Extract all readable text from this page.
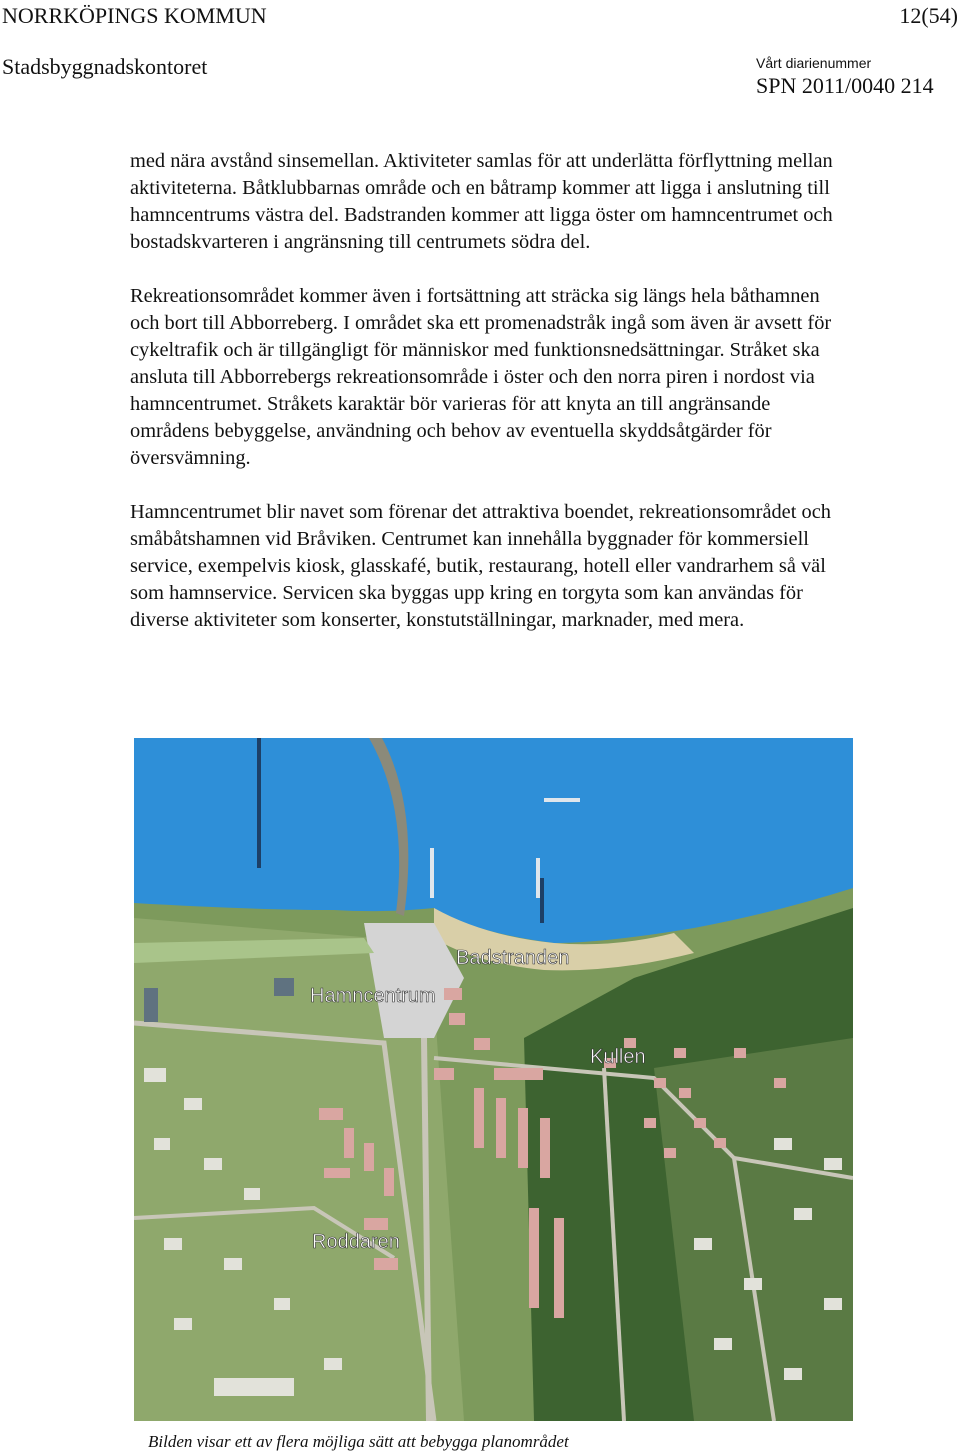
NORRKÖPINGS KOMMUN	12(54)
Stadsbyggnadskontoret	Vårt diarienummer
SPN 2011/0040 214

med nära avstånd sinsemellan. Aktiviteter samlas för att underlätta förflyttning mellan aktiviteterna. Båtklubbarnas område och en båtramp kommer att ligga i anslutning till hamncentrums västra del. Badstranden kommer att ligga öster om hamncentrumet och bostadskvarteren i angränsning till centrumets södra del.

Rekreationsområdet kommer även i fortsättning att sträcka sig längs hela båthamnen och bort till Abborreberg. I området ska ett promenadstråk ingå som även är avsett för cykeltrafik och är tillgängligt för människor med funktionsnedsättningar. Stråket ska ansluta till Abborrebergs rekreationsområde i öster och den norra piren i nordost via hamncentrumet. Stråkets karaktär bör varieras för att knyta an till angränsande områdens bebyggelse, användning och behov av eventuella skyddsåtgärder för översvämning.

Hamncentrumet blir navet som förenar det attraktiva boendet, rekreationsområdet och småbåtshamnen vid Bråviken. Centrumet kan innehålla byggnader för kommersiell service, exempelvis kiosk, glasskafé, butik, restaurang, hotell eller vandrarhem så väl som hamnservice. Servicen ska byggas upp kring en torgyta som kan användas för diverse aktiviteter som konserter, konstutställningar, marknader, med mera.

Hamncentrum
Badstranden
Kullen
Roddaren
Bilden visar ett av flera möjliga sätt att bebygga planområdet
